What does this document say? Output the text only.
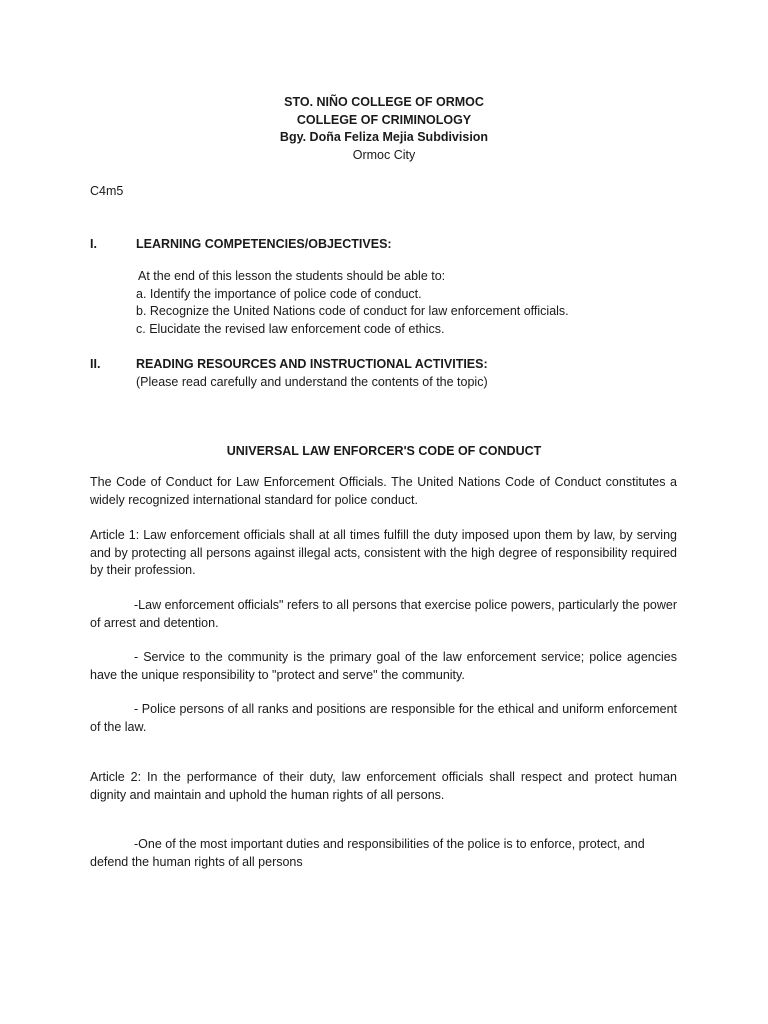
STO. NIÑO COLLEGE OF ORMOC
COLLEGE OF CRIMINOLOGY
Bgy. Doña Feliza Mejia Subdivision
Ormoc City
C4m5
I.	LEARNING COMPETENCIES/OBJECTIVES:
At the end of this lesson the students should be able to:
a. Identify the importance of police code of conduct.
b. Recognize the United Nations code of conduct for law enforcement officials.
c. Elucidate the revised law enforcement code of ethics.
II.	READING RESOURCES AND INSTRUCTIONAL ACTIVITIES:
(Please read carefully and understand the contents of the topic)
UNIVERSAL LAW ENFORCER'S CODE OF CONDUCT
The Code of Conduct for Law Enforcement Officials. The United Nations Code of Conduct constitutes a widely recognized international standard for police conduct.
Article 1: Law enforcement officials shall at all times fulfill the duty imposed upon them by law, by serving and by protecting all persons against illegal acts, consistent with the high degree of responsibility required by their profession.
-Law enforcement officials" refers to all persons that exercise police powers, particularly the power of arrest and detention.
- Service to the community is the primary goal of the law enforcement service; police agencies have the unique responsibility to "protect and serve" the community.
- Police persons of all ranks and positions are responsible for the ethical and uniform enforcement of the law.
Article 2: In the performance of their duty, law enforcement officials shall respect and protect human dignity and maintain and uphold the human rights of all persons.
-One of the most important duties and responsibilities of the police is to enforce, protect, and defend the human rights of all persons
